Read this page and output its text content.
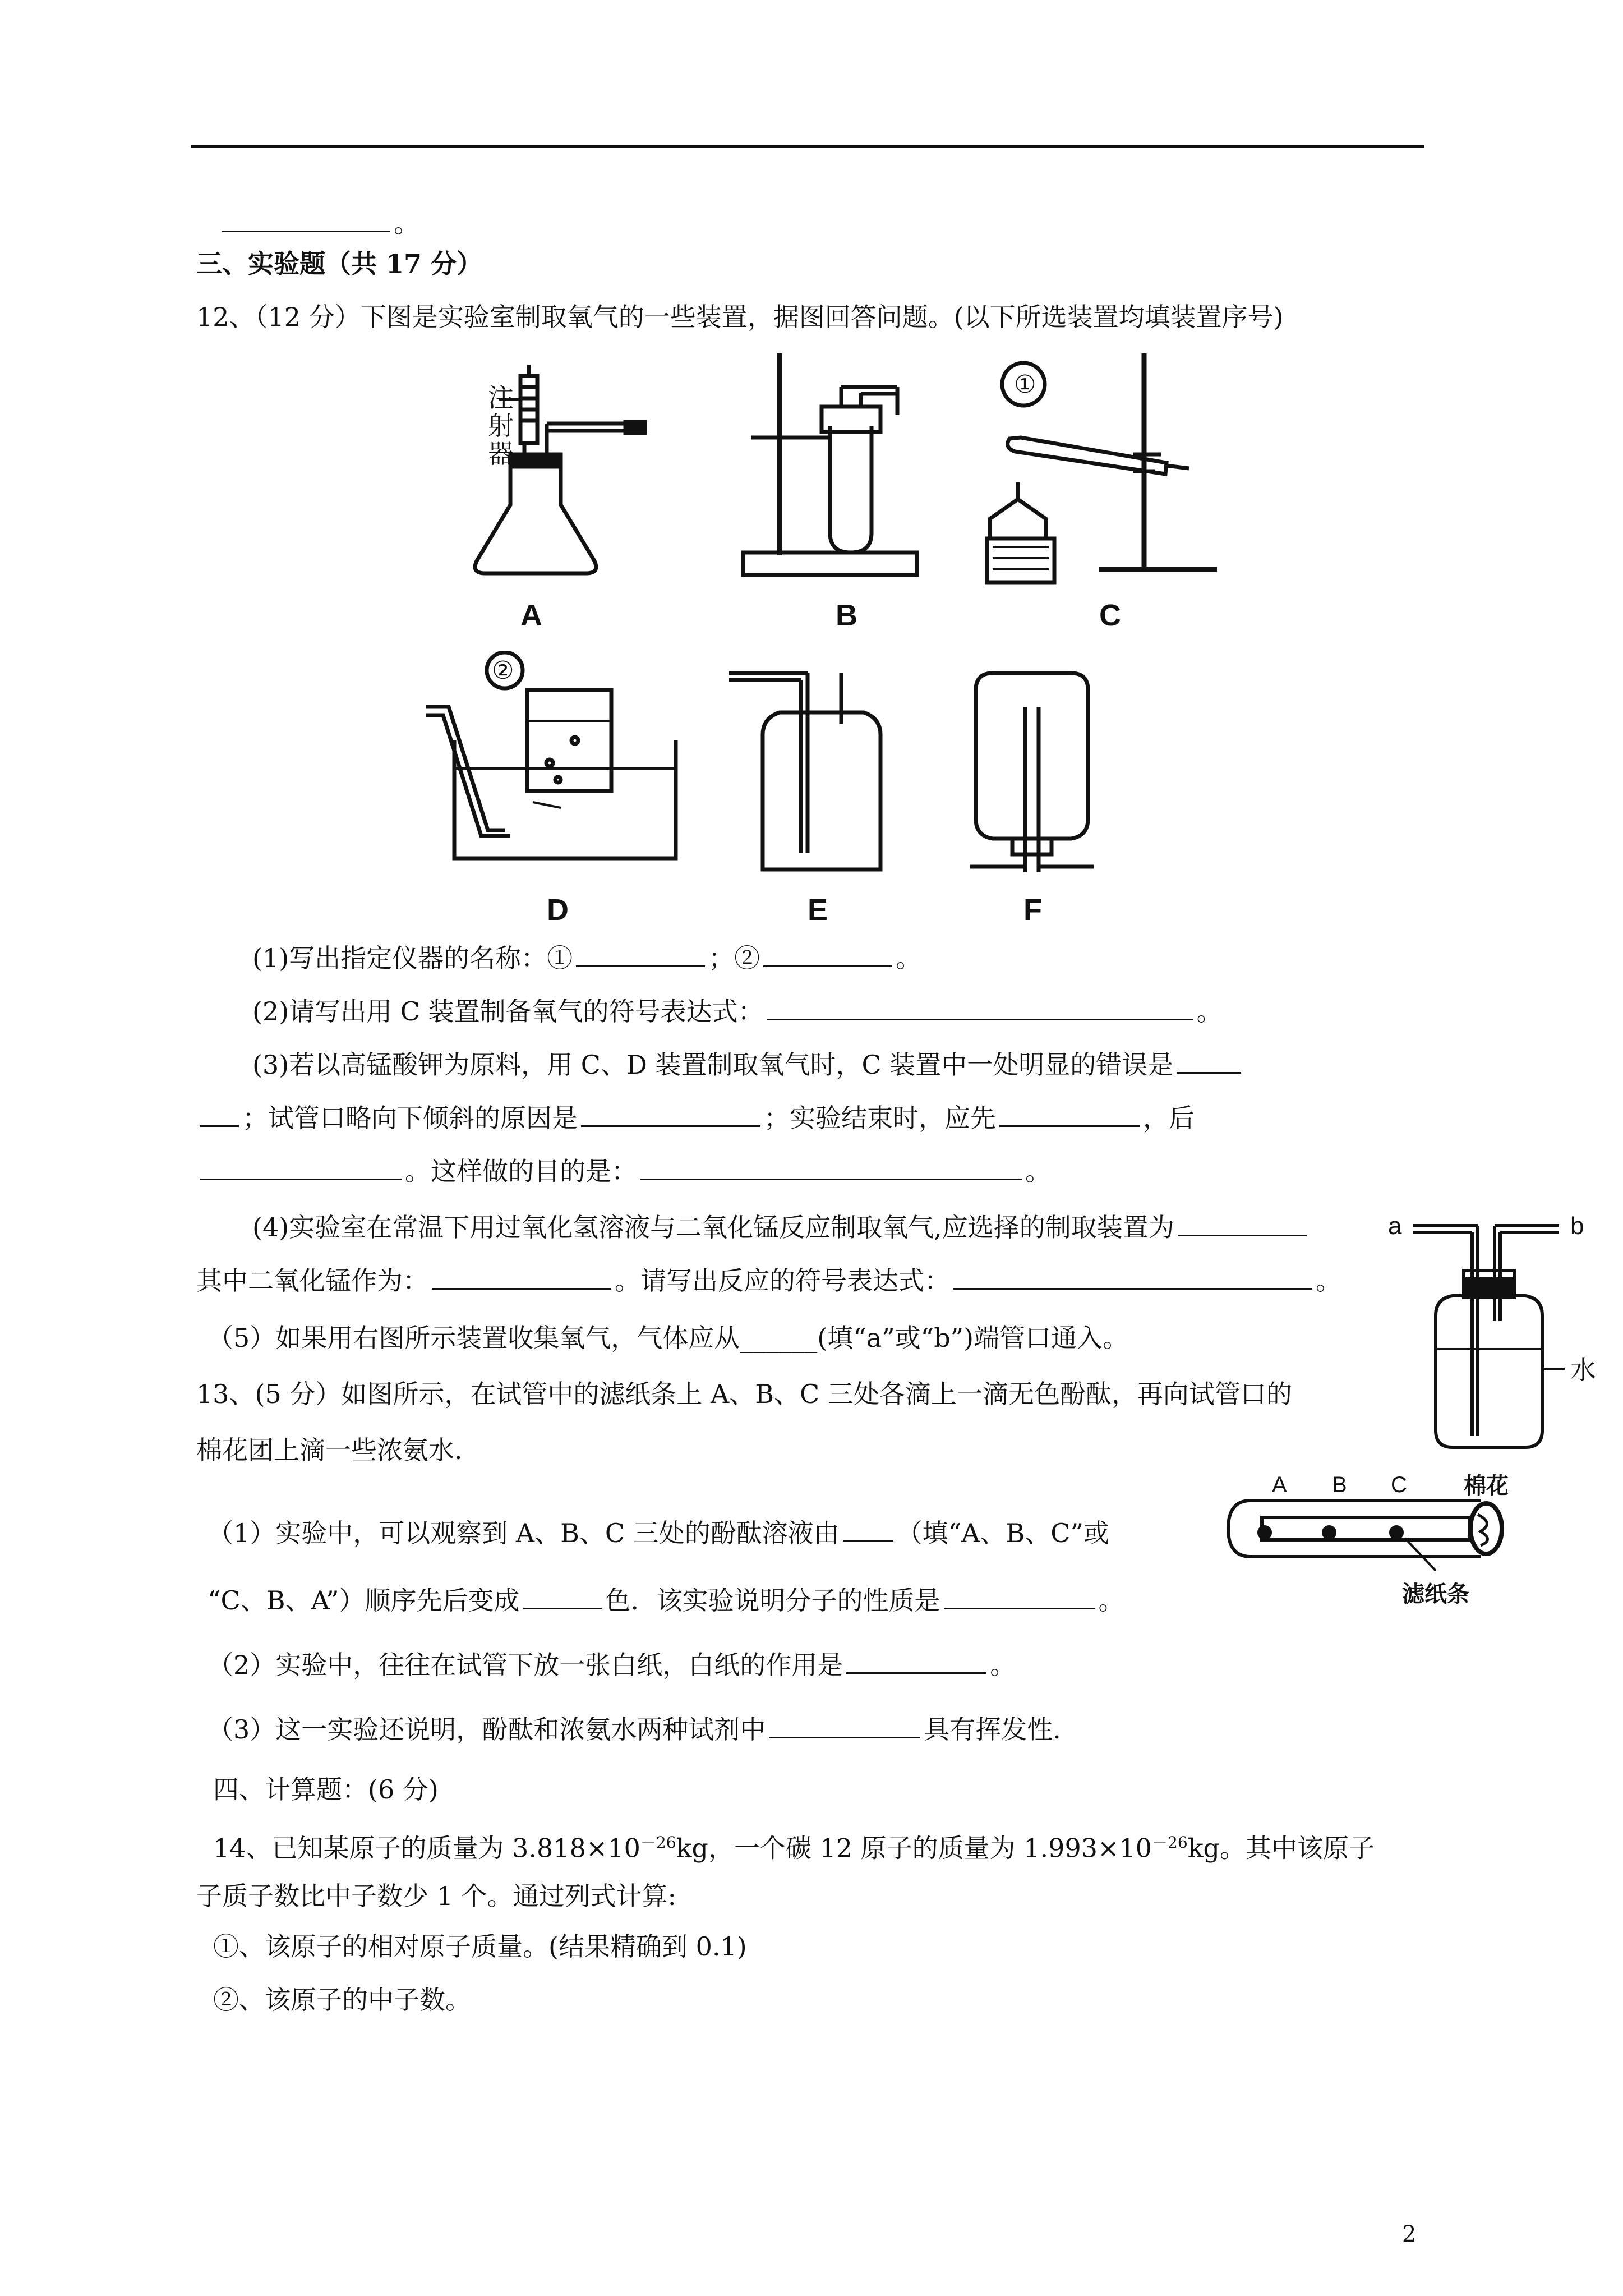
。
三、实验题（共 17 分）
12、（12 分）下图是实验室制取氧气的一些装置，据图回答问题。(以下所选装置均填装置序号)
注
射
器
①
A	B	C
②
D	E	F
(1)写出指定仪器的名称：①	；②	。
(2)请写出用 C 装置制备氧气的符号表达式：	。
(3)若以高锰酸钾为原料，用 C、D 装置制取氧气时，C 装置中一处明显的错误是
；试管口略向下倾斜的原因是	；实验结束时，应先	，后
。这样做的目的是：	。
(4)实验室在常温下用过氧化氢溶液与二氧化锰反应制取氧气,应选择的制取装置为
其中二氧化锰作为：	。请写出反应的符号表达式：	。
（5）如果用右图所示装置收集氧气，气体应从______(填“a”或“b”)端管口通入。
a	b
水
13、(5 分）如图所示，在试管中的滤纸条上 A、B、C 三处各滴上一滴无色酚酞，再向试管口的
棉花团上滴一些浓氨水.
A B C	棉花
滤纸条
（1）实验中，可以观察到 A、B、C 三处的酚酞溶液由 （填“A、B、C”或
“C、B、A”）顺序先后变成	色．该实验说明分子的性质是	。
（2）实验中，往往在试管下放一张白纸，白纸的作用是	。
（3）这一实验还说明，酚酞和浓氨水两种试剂中	具有挥发性.
四、计算题：(6 分)
14、已知某原子的质量为 $3.818\times 10^{-26}kg$，一个碳 12 原子的质量为 $1.993\times 10^{-26}kg$。其中该原子
子质子数比中子数少 1 个。通过列式计算:
①、该原子的相对原子质量。(结果精确到 0.1)
②、该原子的中子数。
2
